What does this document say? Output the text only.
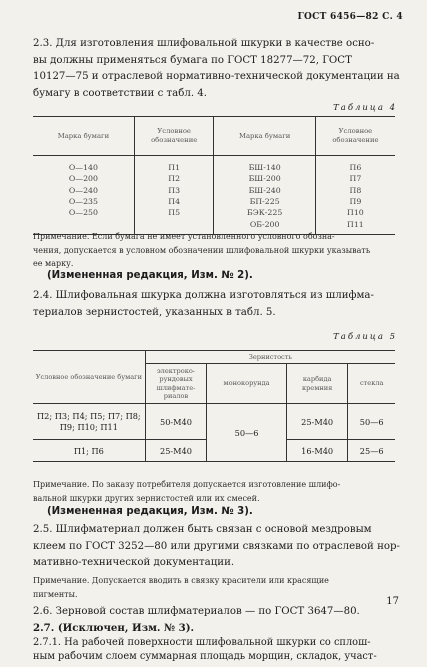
ГОСТ 6456—82 С. 4
2.3. Для изготовления шлифовальной шкурки в качестве осно-
вы должны применяться бумага по ГОСТ 18277—72, ГОСТ
10127—75 и отраслевой нормативно-технической документации на
бумагу в соответствии с табл. 4.
Таблица 4
Марка бумаги	Условное обозначение	Марка бумаги	Условное обозначение
О—140	П1	БШ-140	П6
О—200	П2	БШ-200	П7
О—240	П3	БШ-240	П8
О—235	П4	БП-225	П9
О—250	П5	БЭК-225	П10
		ОБ-200	П11
Примечание. Если бумага не имеет установленного условного обозна-
чения, допускается в условном обозначении шлифовальной шкурки указывать
ее марку.
(Измененная редакция, Изм. № 2).
2.4. Шлифовальная шкурка должна изготовляться из шлифма-
териалов зернистостей, указанных в табл. 5.
Таблица 5
Условное обозначение бумаги	Зернистость			
	электроко-рундовых шлифмате-риалов	монокорунда	карбида кремния	стекла
П2; П3; П4; П5; П7; П8; П9; П10; П11	50-М40	50—6	25-М40	50—6
П1; П6	25-М40		16-М40	25—6
Примечание. По заказу потребителя допускается изготовление шлифо-
вальной шкурки других зернистостей или их смесей.
(Измененная редакция, Изм. № 3).
2.5. Шлифматериал должен быть связан с основой мездровым
клеем по ГОСТ 3252—80 или другими связками по отраслевой нор-
мативно-технической документации.
Примечание. Допускается вводить в связку красители или красящие
пигменты.
2.6. Зерновой состав шлифматериалов — по ГОСТ 3647—80.
2.7. (Исключен, Изм. № 3).
2.7.1. На рабочей поверхности шлифовальной шкурки со сплош-
ным рабочим слоем суммарная площадь морщин, складок, участ-
17
